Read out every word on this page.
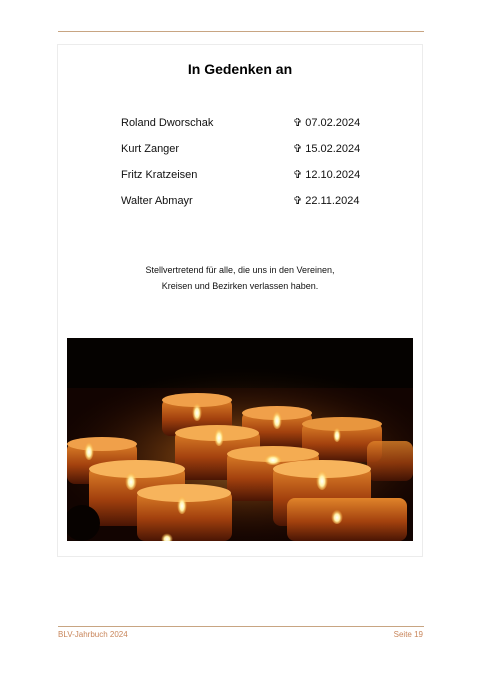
In Gedenken an
Roland Dworschak	✞ 07.02.2024
Kurt Zanger	✞ 15.02.2024
Fritz Kratzeisen	✞ 12.10.2024
Walter Abmayr	✞ 22.11.2024
Stellvertretend für alle, die uns in den Vereinen,
Kreisen und Bezirken verlassen haben.
BLV-Jahrbuch 2024	Seite 19
